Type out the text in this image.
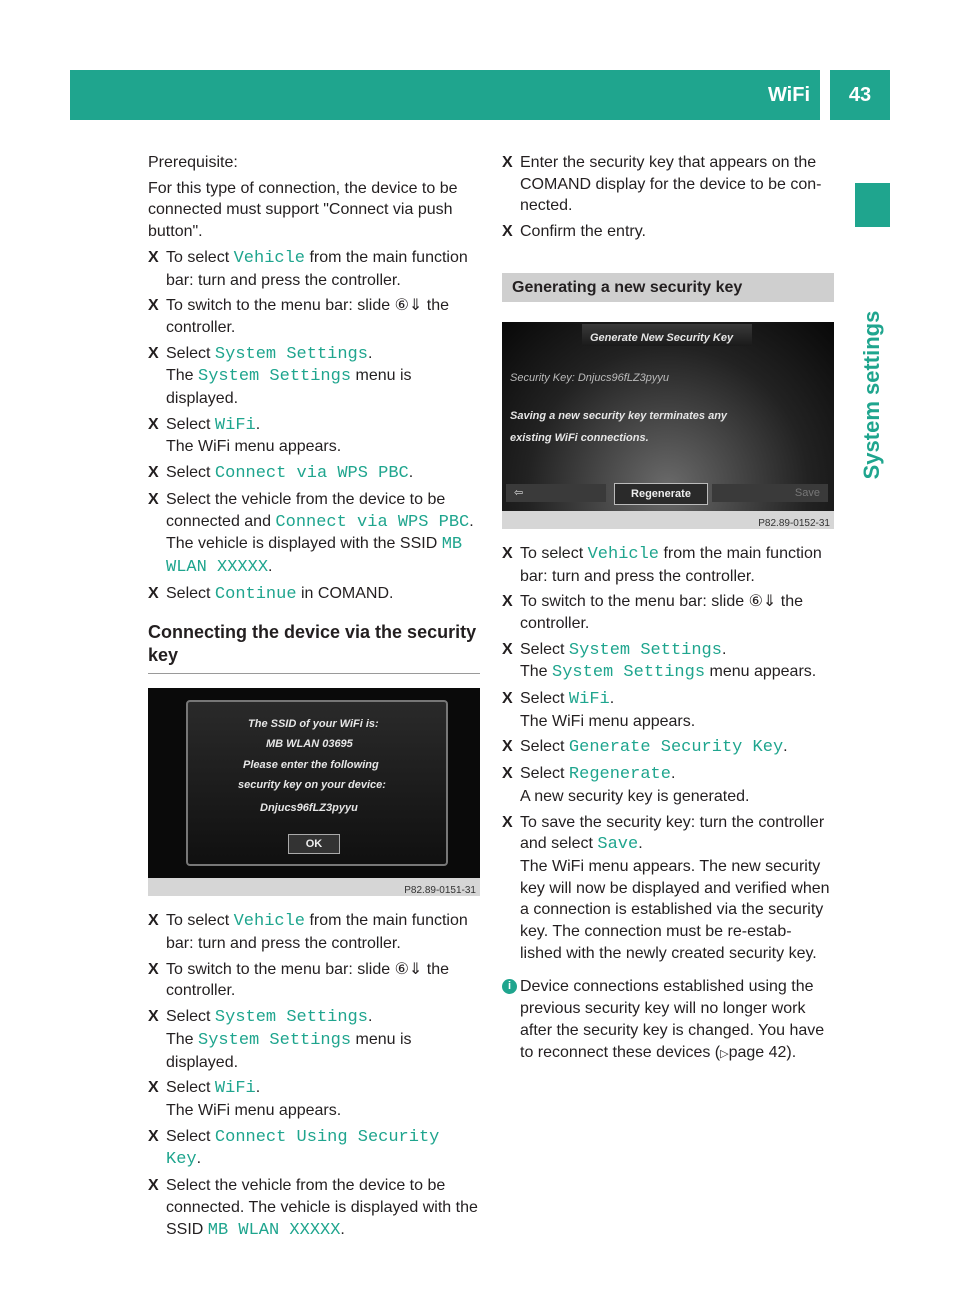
WiFi	43
System settings

Prerequisite:

For this type of connection, the device to be connected must support "Connect via push button".

X To select Vehicle from the main function bar: turn and press the controller.
X To switch to the menu bar: slide ⑥⇓ the controller.
X Select System Settings.
The System Settings menu is displayed.
X Select WiFi.
The WiFi menu appears.
X Select Connect via WPS PBC.
X Select the vehicle from the device to be connected and Connect via WPS PBC.
The vehicle is displayed with the SSID MB WLAN XXXXX.
X Select Continue in COMAND.
Connecting the device via the security key
The SSID of your WiFi is:
MB WLAN 03695
Please enter the following
security key on your device:
Dnjucs96fLZ3pyyu
OK
P82.89-0151-31
X To select Vehicle from the main function bar: turn and press the controller.
X To switch to the menu bar: slide ⑥⇓ the controller.
X Select System Settings.
The System Settings menu is displayed.
X Select WiFi.
The WiFi menu appears.
X Select Connect Using Security Key.
X Select the vehicle from the device to be connected. The vehicle is displayed with the SSID MB WLAN XXXXX.
X Enter the security key that appears on the COMAND display for the device to be con- nected.
X Confirm the entry.
Generating a new security key
Generate New Security Key
Security Key: Dnjucs96fLZ3pyyu
Saving a new security key terminates any
existing WiFi connections.
⇦	Regenerate	Save
P82.89-0152-31
X To select Vehicle from the main function bar: turn and press the controller.
X To switch to the menu bar: slide ⑥⇓ the controller.
X Select System Settings.
The System Settings menu appears.
X Select WiFi.
The WiFi menu appears.
X Select Generate Security Key.
X Select Regenerate.
A new security key is generated.
X To save the security key: turn the controller and select Save.
The WiFi menu appears. The new security key will now be displayed and verified when a connection is established via the security key. The connection must be re-estab- lished with the newly created security key.
i Device connections established using the previous security key will no longer work after the security key is changed. You have to reconnect these devices (▷page 42).
